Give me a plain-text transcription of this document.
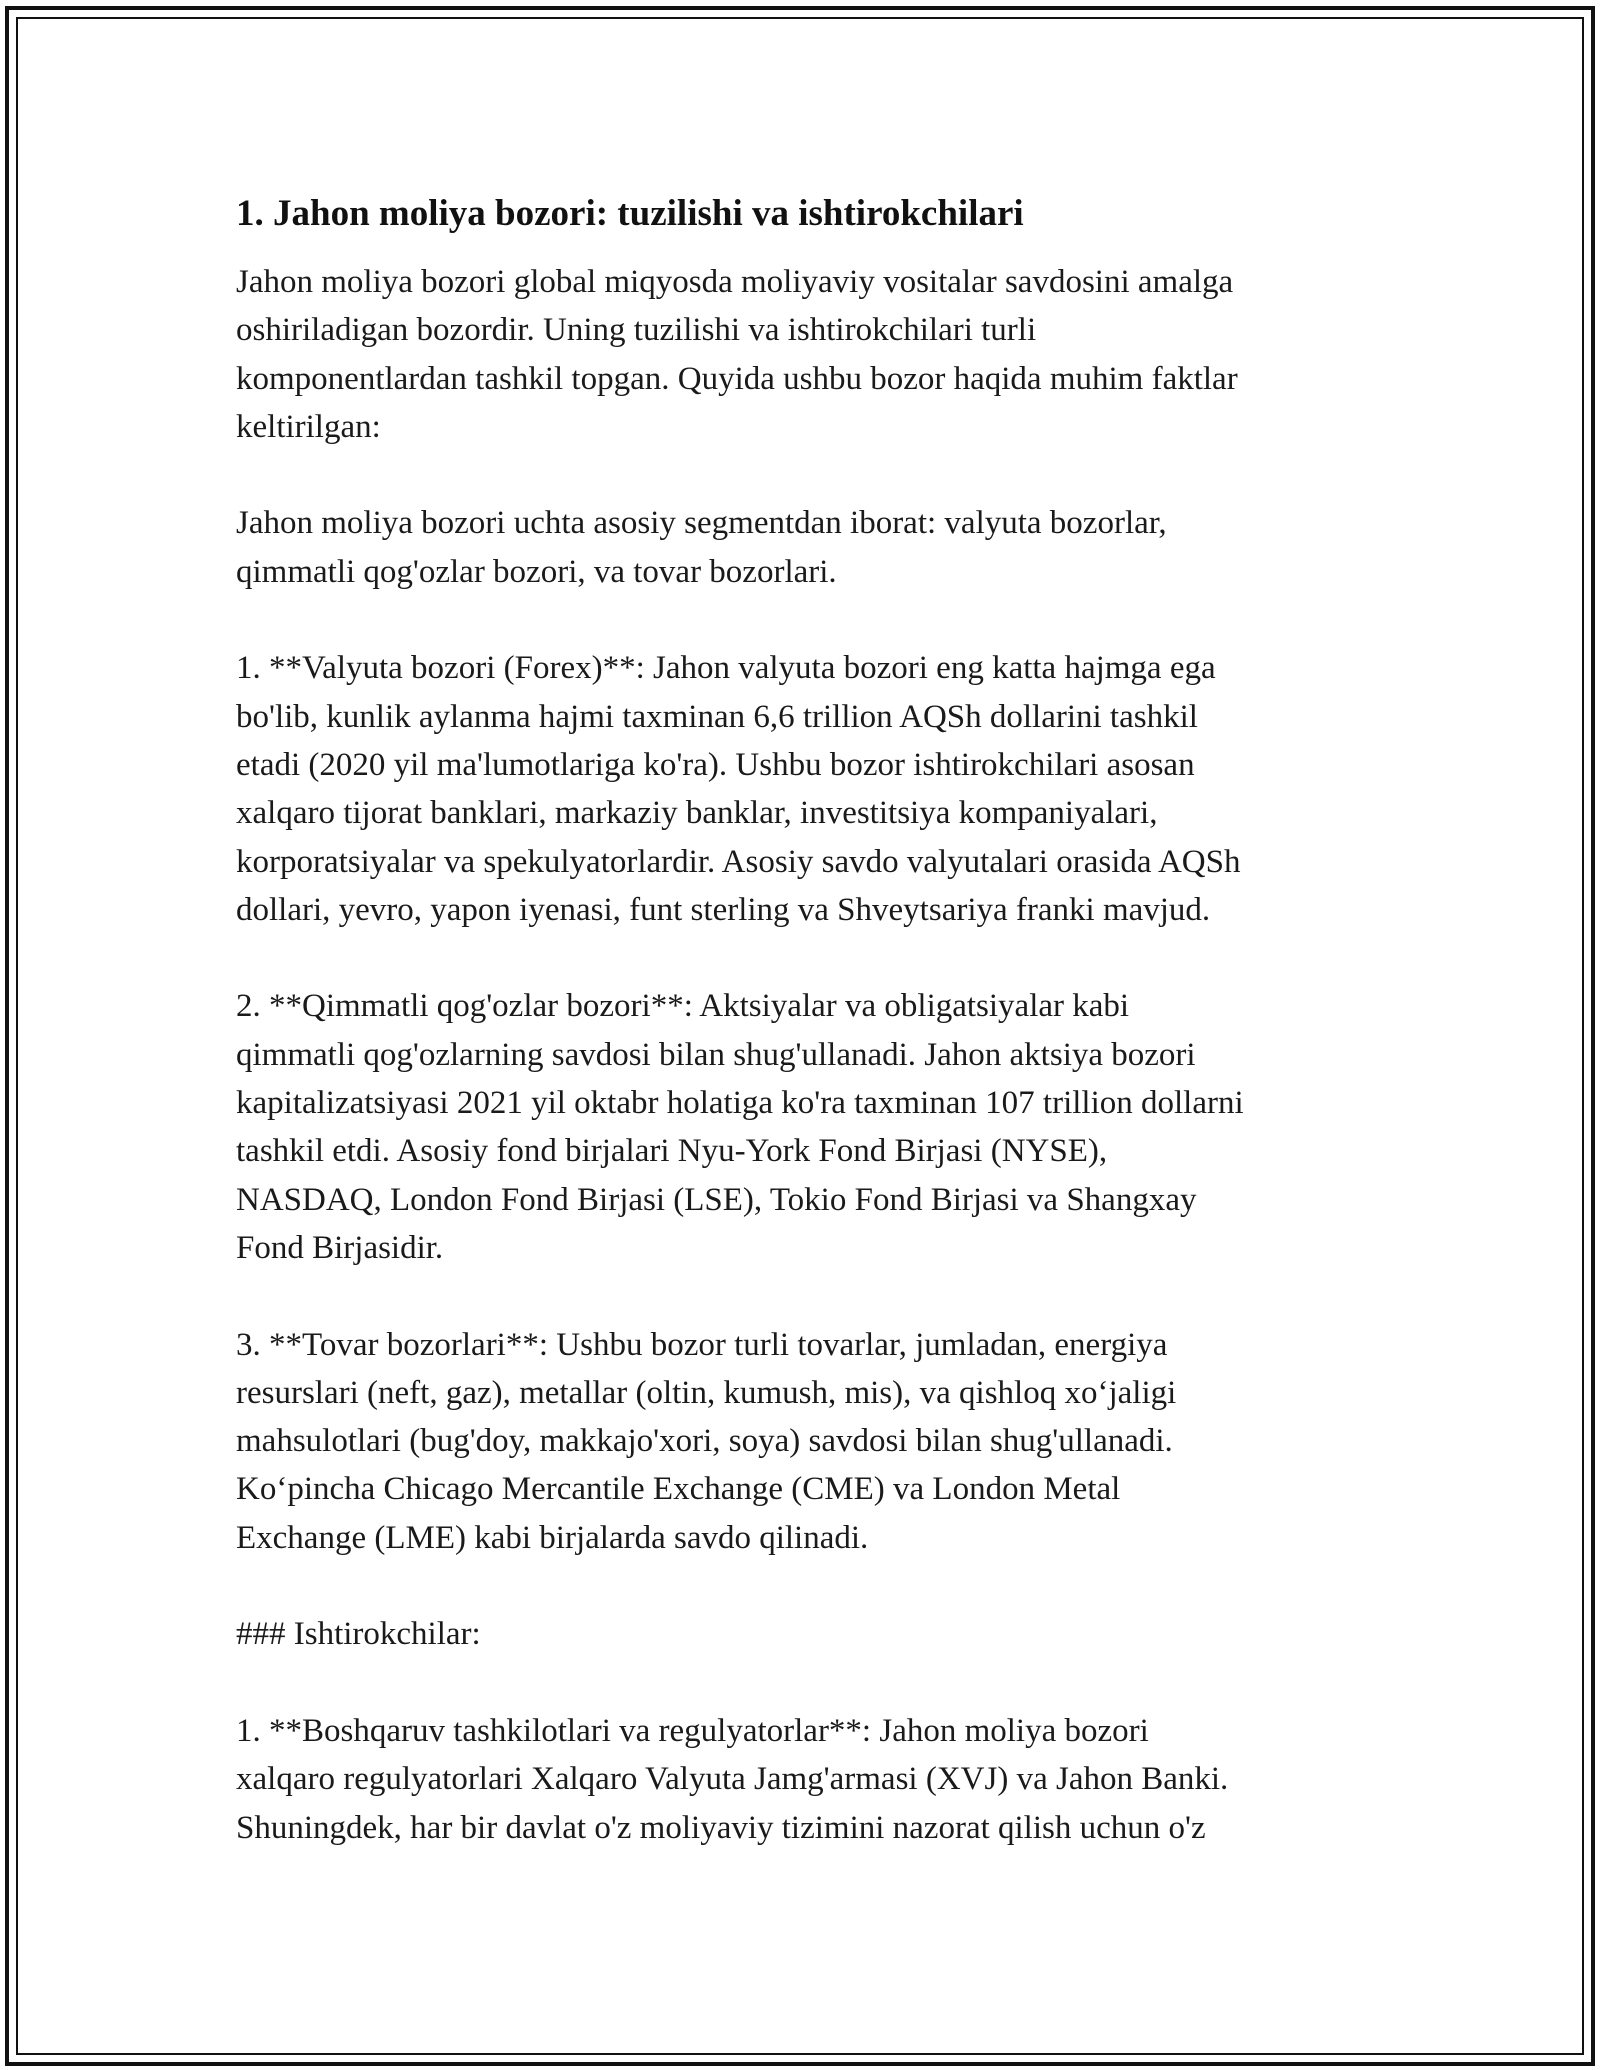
1. Jahon moliya bozori: tuzilishi va ishtirokchilari

Jahon moliya bozori global miqyosda moliyaviy vositalar savdosini amalga
oshiriladigan bozordir. Uning tuzilishi va ishtirokchilari turli
komponentlardan tashkil topgan. Quyida ushbu bozor haqida muhim faktlar
keltirilgan:

Jahon moliya bozori uchta asosiy segmentdan iborat: valyuta bozorlar,
qimmatli qog'ozlar bozori, va tovar bozorlari.

1. **Valyuta bozori (Forex)**: Jahon valyuta bozori eng katta hajmga ega
bo'lib, kunlik aylanma hajmi taxminan 6,6 trillion AQSh dollarini tashkil
etadi (2020 yil ma'lumotlariga ko'ra). Ushbu bozor ishtirokchilari asosan
xalqaro tijorat banklari, markaziy banklar, investitsiya kompaniyalari,
korporatsiyalar va spekulyatorlardir. Asosiy savdo valyutalari orasida AQSh
dollari, yevro, yapon iyenasi, funt sterling va Shveytsariya franki mavjud.

2. **Qimmatli qog'ozlar bozori**: Aktsiyalar va obligatsiyalar kabi
qimmatli qog'ozlarning savdosi bilan shug'ullanadi. Jahon aktsiya bozori
kapitalizatsiyasi 2021 yil oktabr holatiga ko'ra taxminan 107 trillion dollarni
tashkil etdi. Asosiy fond birjalari Nyu-York Fond Birjasi (NYSE),
NASDAQ, London Fond Birjasi (LSE), Tokio Fond Birjasi va Shangxay
Fond Birjasidir.

3. **Tovar bozorlari**: Ushbu bozor turli tovarlar, jumladan, energiya
resurslari (neft, gaz), metallar (oltin, kumush, mis), va qishloq xo‘jaligi
mahsulotlari (bug'doy, makkajo'xori, soya) savdosi bilan shug'ullanadi.
Ko‘pincha Chicago Mercantile Exchange (CME) va London Metal
Exchange (LME) kabi birjalarda savdo qilinadi.

### Ishtirokchilar:

1. **Boshqaruv tashkilotlari va regulyatorlar**: Jahon moliya bozori
xalqaro regulyatorlari Xalqaro Valyuta Jamg'armasi (XVJ) va Jahon Banki.
Shuningdek, har bir davlat o'z moliyaviy tizimini nazorat qilish uchun o'z
